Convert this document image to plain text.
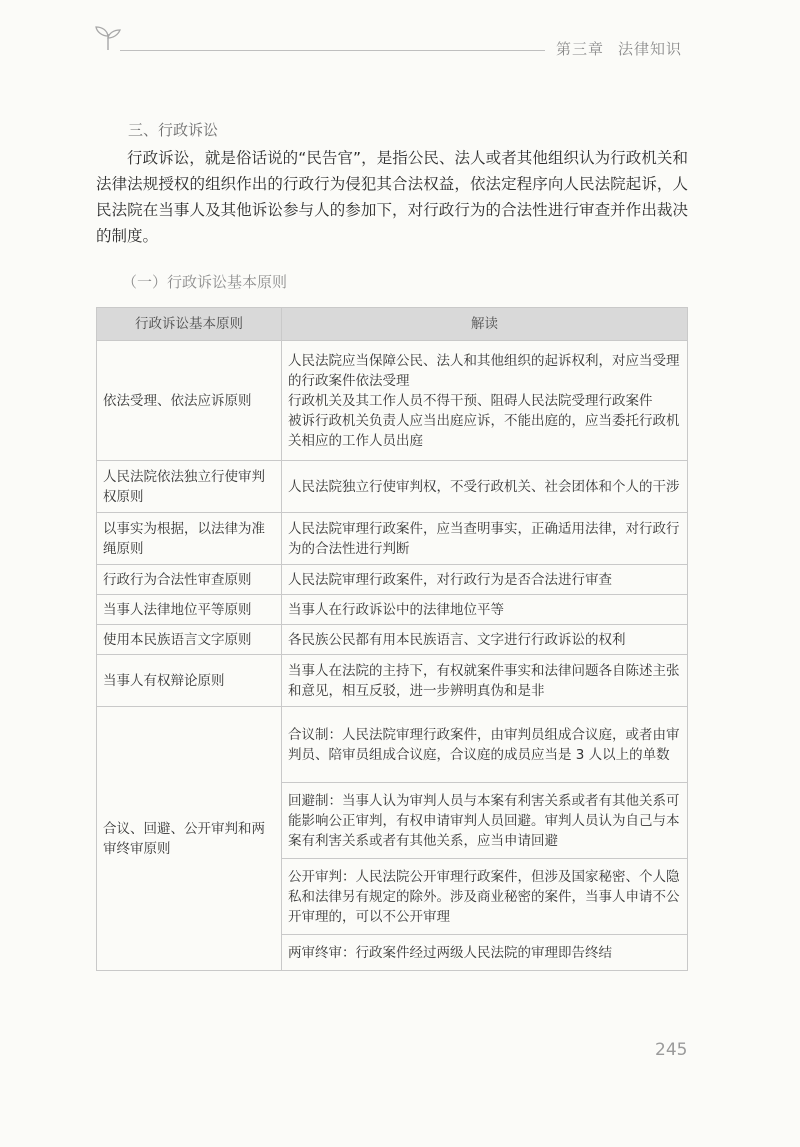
第三章 法律知识
三、行政诉讼
行政诉讼，就是俗话说的“民告官”，是指公民、法人或者其他组织认为行政机关和法律法规授权的组织作出的行政行为侵犯其合法权益，依法定程序向人民法院起诉，人民法院在当事人及其他诉讼参与人的参加下，对行政行为的合法性进行审查并作出裁决的制度。
（一）行政诉讼基本原则
行政诉讼基本原则	解读
依法受理、依法应诉原则	人民法院应当保障公民、法人和其他组织的起诉权利，对应当受理的行政案件依法受理
行政机关及其工作人员不得干预、阻碍人民法院受理行政案件
被诉行政机关负责人应当出庭应诉，不能出庭的，应当委托行政机关相应的工作人员出庭

人民法院依法独立行使审判权原则	人民法院独立行使审判权，不受行政机关、社会团体和个人的干涉

以事实为根据，以法律为准绳原则	人民法院审理行政案件，应当查明事实，正确适用法律，对行政行为的合法性进行判断

行政行为合法性审查原则	人民法院审理行政案件，对行政行为是否合法进行审查

当事人法律地位平等原则	当事人在行政诉讼中的法律地位平等

使用本民族语言文字原则	各民族公民都有用本民族语言、文字进行行政诉讼的权利

当事人有权辩论原则	当事人在法院的主持下，有权就案件事实和法律问题各自陈述主张和意见，相互反驳，进一步辨明真伪和是非

合议、回避、公开审判和两审终审原则	合议制：人民法院审理行政案件，由审判员组成合议庭，或者由审判员、陪审员组成合议庭，合议庭的成员应当是 3 人以上的单数
	回避制：当事人认为审判人员与本案有利害关系或者有其他关系可能影响公正审判，有权申请审判人员回避。审判人员认为自己与本案有利害关系或者有其他关系，应当申请回避
	公开审判：人民法院公开审理行政案件，但涉及国家秘密、个人隐私和法律另有规定的除外。涉及商业秘密的案件，当事人申请不公开审理的，可以不公开审理
	两审终审：行政案件经过两级人民法院的审理即告终结
245
